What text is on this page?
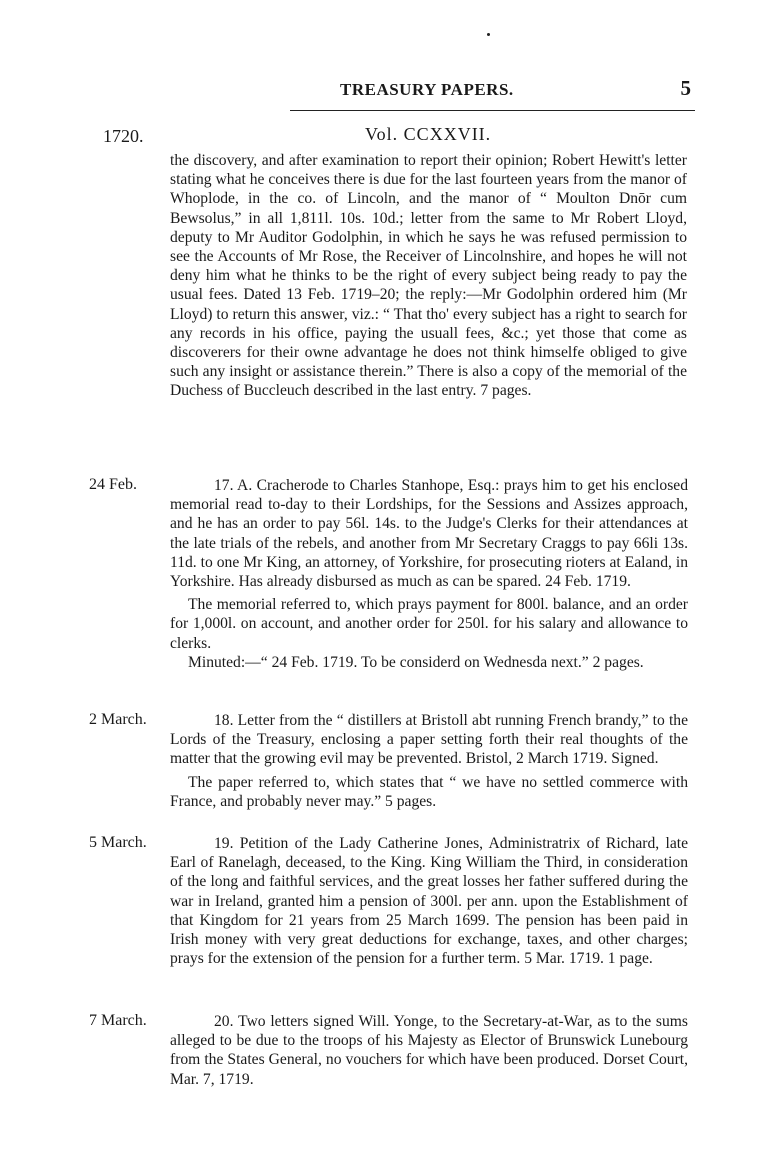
TREASURY PAPERS.	5
1720.	Vol. CCXXVII.

the discovery, and after examination to report their opinion; Robert Hewitt's letter stating what he conceives there is due for the last fourteen years from the manor of Whoplode, in the co. of Lincoln, and the manor of “ Moulton Dnōr cum Bewsolus,” in all 1,811l. 10s. 10d.; letter from the same to Mr Robert Lloyd, deputy to Mr Auditor Godolphin, in which he says he was refused permission to see the Accounts of Mr Rose, the Receiver of Lincolnshire, and hopes he will not deny him what he thinks to be the right of every subject being ready to pay the usual fees. Dated 13 Feb. 1719–20; the reply:—Mr Godolphin ordered him (Mr Lloyd) to return this answer, viz.: “ That tho' every subject has a right to search for any records in his office, paying the usuall fees, &c.; yet those that come as discoverers for their owne advantage he does not think himselfe obliged to give such any insight or assistance therein.” There is also a copy of the memorial of the Duchess of Buccleuch described in the last entry. 7 pages.

24 Feb.	17. A. Cracherode to Charles Stanhope, Esq.: prays him to get his enclosed memorial read to-day to their Lordships, for the Sessions and Assizes approach, and he has an order to pay 56l. 14s. to the Judge's Clerks for their attendances at the late trials of the rebels, and another from Mr Secretary Craggs to pay 66li 13s. 11d. to one Mr King, an attorney, of Yorkshire, for prosecuting rioters at Ealand, in Yorkshire. Has already disbursed as much as can be spared. 24 Feb. 1719.

The memorial referred to, which prays payment for 800l. balance, and an order for 1,000l. on account, and another order for 250l. for his salary and allowance to clerks.

Minuted:—“ 24 Feb. 1719. To be considerd on Wednesda next.” 2 pages.

2 March.	18. Letter from the “ distillers at Bristoll abt running French brandy,” to the Lords of the Treasury, enclosing a paper setting forth their real thoughts of the matter that the growing evil may be prevented. Bristol, 2 March 1719. Signed.

The paper referred to, which states that “ we have no settled commerce with France, and probably never may.” 5 pages.

5 March.	19. Petition of the Lady Catherine Jones, Administratrix of Richard, late Earl of Ranelagh, deceased, to the King. King William the Third, in consideration of the long and faithful services, and the great losses her father suffered during the war in Ireland, granted him a pension of 300l. per ann. upon the Establishment of that Kingdom for 21 years from 25 March 1699. The pension has been paid in Irish money with very great deductions for exchange, taxes, and other charges; prays for the extension of the pension for a further term. 5 Mar. 1719. 1 page.

7 March.	20. Two letters signed Will. Yonge, to the Secretary-at-War, as to the sums alleged to be due to the troops of his Majesty as Elector of Brunswick Lunebourg from the States General, no vouchers for which have been produced. Dorset Court, Mar. 7, 1719.
